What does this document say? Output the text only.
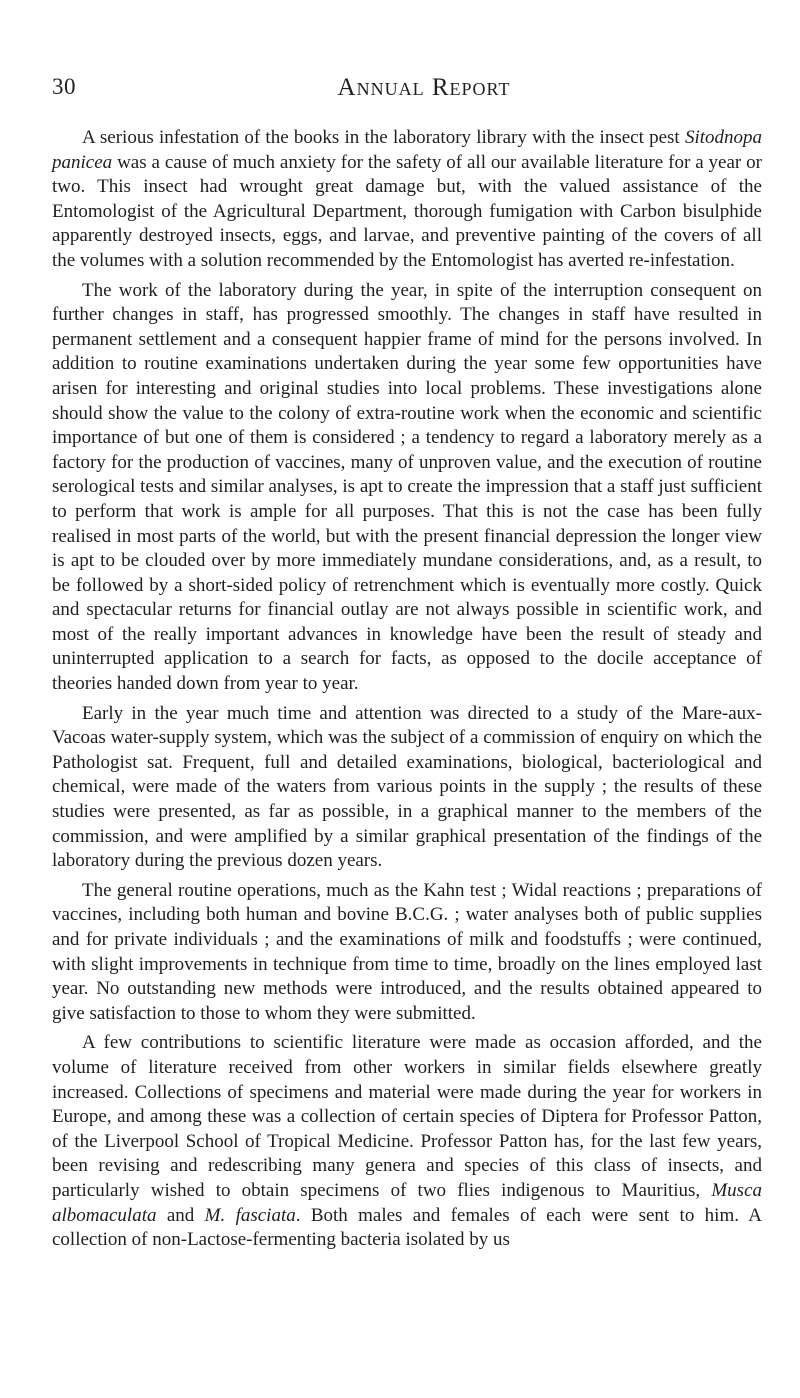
30	Annual Report

A serious infestation of the books in the laboratory library with the insect pest Sitodnopa panicea was a cause of much anxiety for the safety of all our available literature for a year or two. This insect had wrought great damage but, with the valued assistance of the Entomologist of the Agricultural Department, thorough fumigation with Carbon bisulphide apparently destroyed insects, eggs, and larvae, and preventive painting of the covers of all the volumes with a solution recommended by the Entomologist has averted re-infestation.

The work of the laboratory during the year, in spite of the interruption consequent on further changes in staff, has progressed smoothly. The changes in staff have resulted in permanent settlement and a consequent happier frame of mind for the persons involved. In addition to routine examinations undertaken during the year some few opportunities have arisen for interesting and original studies into local problems. These investigations alone should show the value to the colony of extra-routine work when the economic and scientific importance of but one of them is considered ; a tendency to regard a laboratory merely as a factory for the production of vaccines, many of unproven value, and the execution of routine serological tests and similar analyses, is apt to create the impression that a staff just sufficient to perform that work is ample for all purposes. That this is not the case has been fully realised in most parts of the world, but with the present financial depression the longer view is apt to be clouded over by more immediately mundane considerations, and, as a result, to be followed by a short-sided policy of retrenchment which is eventually more costly. Quick and spectacular returns for financial outlay are not always possible in scientific work, and most of the really important advances in knowledge have been the result of steady and uninterrupted application to a search for facts, as opposed to the docile acceptance of theories handed down from year to year.

Early in the year much time and attention was directed to a study of the Mare-aux-Vacoas water-supply system, which was the subject of a commission of enquiry on which the Pathologist sat. Frequent, full and detailed examinations, biological, bacteriological and chemical, were made of the waters from various points in the supply ; the results of these studies were presented, as far as possible, in a graphical manner to the members of the commission, and were amplified by a similar graphical presentation of the findings of the laboratory during the previous dozen years.

The general routine operations, much as the Kahn test ; Widal reactions ; preparations of vaccines, including both human and bovine B.C.G. ; water analyses both of public supplies and for private individuals ; and the examinations of milk and foodstuffs ; were continued, with slight improvements in technique from time to time, broadly on the lines employed last year. No outstanding new methods were introduced, and the results obtained appeared to give satisfaction to those to whom they were submitted.

A few contributions to scientific literature were made as occasion afforded, and the volume of literature received from other workers in similar fields elsewhere greatly increased. Collections of specimens and material were made during the year for workers in Europe, and among these was a collection of certain species of Diptera for Professor Patton, of the Liverpool School of Tropical Medicine. Professor Patton has, for the last few years, been revising and redescribing many genera and species of this class of insects, and particularly wished to obtain specimens of two flies indigenous to Mauritius, Musca albomaculata and M. fasciata. Both males and females of each were sent to him. A collection of non-Lactose-fermenting bacteria isolated by us
